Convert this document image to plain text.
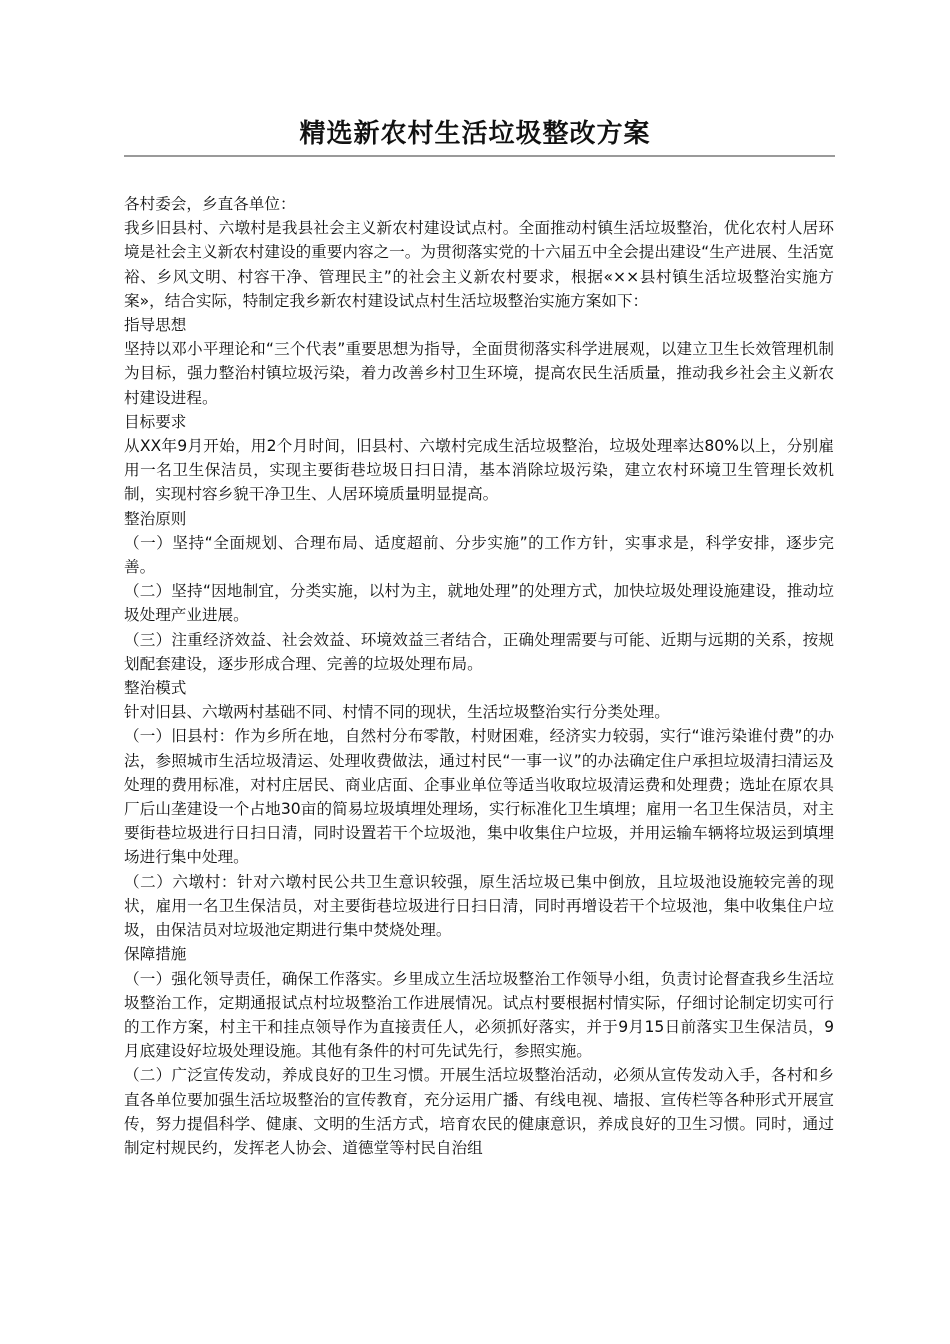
精选新农村生活垃圾整改方案

各村委会，乡直各单位：

我乡旧县村、六墩村是我县社会主义新农村建设试点村。全面推动村镇生活垃圾整治，优化农村人居环境是社会主义新农村建设的重要内容之一。为贯彻落实党的十六届五中全会提出建设“生产进展、生活宽裕、乡风文明、村容干净、管理民主”的社会主义新农村要求，根据«××县村镇生活垃圾整治实施方案»，结合实际，特制定我乡新农村建设试点村生活垃圾整治实施方案如下：

指导思想

坚持以邓小平理论和“三个代表”重要思想为指导，全面贯彻落实科学进展观，以建立卫生长效管理机制为目标，强力整治村镇垃圾污染，着力改善乡村卫生环境，提高农民生活质量，推动我乡社会主义新农村建设进程。

目标要求

从XX年9月开始，用2个月时间，旧县村、六墩村完成生活垃圾整治，垃圾处理率达80%以上，分别雇用一名卫生保洁员，实现主要街巷垃圾日扫日清，基本消除垃圾污染，建立农村环境卫生管理长效机制，实现村容乡貌干净卫生、人居环境质量明显提高。

整治原则

（一）坚持“全面规划、合理布局、适度超前、分步实施”的工作方针，实事求是，科学安排，逐步完善。

（二）坚持“因地制宜，分类实施，以村为主，就地处理”的处理方式，加快垃圾处理设施建设，推动垃圾处理产业进展。

（三）注重经济效益、社会效益、环境效益三者结合，正确处理需要与可能、近期与远期的关系，按规划配套建设，逐步形成合理、完善的垃圾处理布局。

整治模式

针对旧县、六墩两村基础不同、村情不同的现状，生活垃圾整治实行分类处理。

（一）旧县村：作为乡所在地，自然村分布零散，村财困难，经济实力较弱，实行“谁污染谁付费”的办法，参照城市生活垃圾清运、处理收费做法，通过村民“一事一议”的办法确定住户承担垃圾清扫清运及处理的费用标准，对村庄居民、商业店面、企事业单位等适当收取垃圾清运费和处理费；选址在原农具厂后山垄建设一个占地30亩的简易垃圾填埋处理场，实行标准化卫生填埋；雇用一名卫生保洁员，对主要街巷垃圾进行日扫日清，同时设置若干个垃圾池，集中收集住户垃圾，并用运输车辆将垃圾运到填埋场进行集中处理。

（二）六墩村：针对六墩村民公共卫生意识较强，原生活垃圾已集中倒放，且垃圾池设施较完善的现状，雇用一名卫生保洁员，对主要街巷垃圾进行日扫日清，同时再增设若干个垃圾池，集中收集住户垃圾，由保洁员对垃圾池定期进行集中焚烧处理。

保障措施

（一）强化领导责任，确保工作落实。乡里成立生活垃圾整治工作领导小组，负责讨论督查我乡生活垃圾整治工作，定期通报试点村垃圾整治工作进展情况。试点村要根据村情实际，仔细讨论制定切实可行的工作方案，村主干和挂点领导作为直接责任人，必须抓好落实，并于9月15日前落实卫生保洁员，9月底建设好垃圾处理设施。其他有条件的村可先试先行，参照实施。

（二）广泛宣传发动，养成良好的卫生习惯。开展生活垃圾整治活动，必须从宣传发动入手，各村和乡直各单位要加强生活垃圾整治的宣传教育，充分运用广播、有线电视、墙报、宣传栏等各种形式开展宣传，努力提倡科学、健康、文明的生活方式，培育农民的健康意识，养成良好的卫生习惯。同时，通过制定村规民约，发挥老人协会、道德堂等村民自治组
